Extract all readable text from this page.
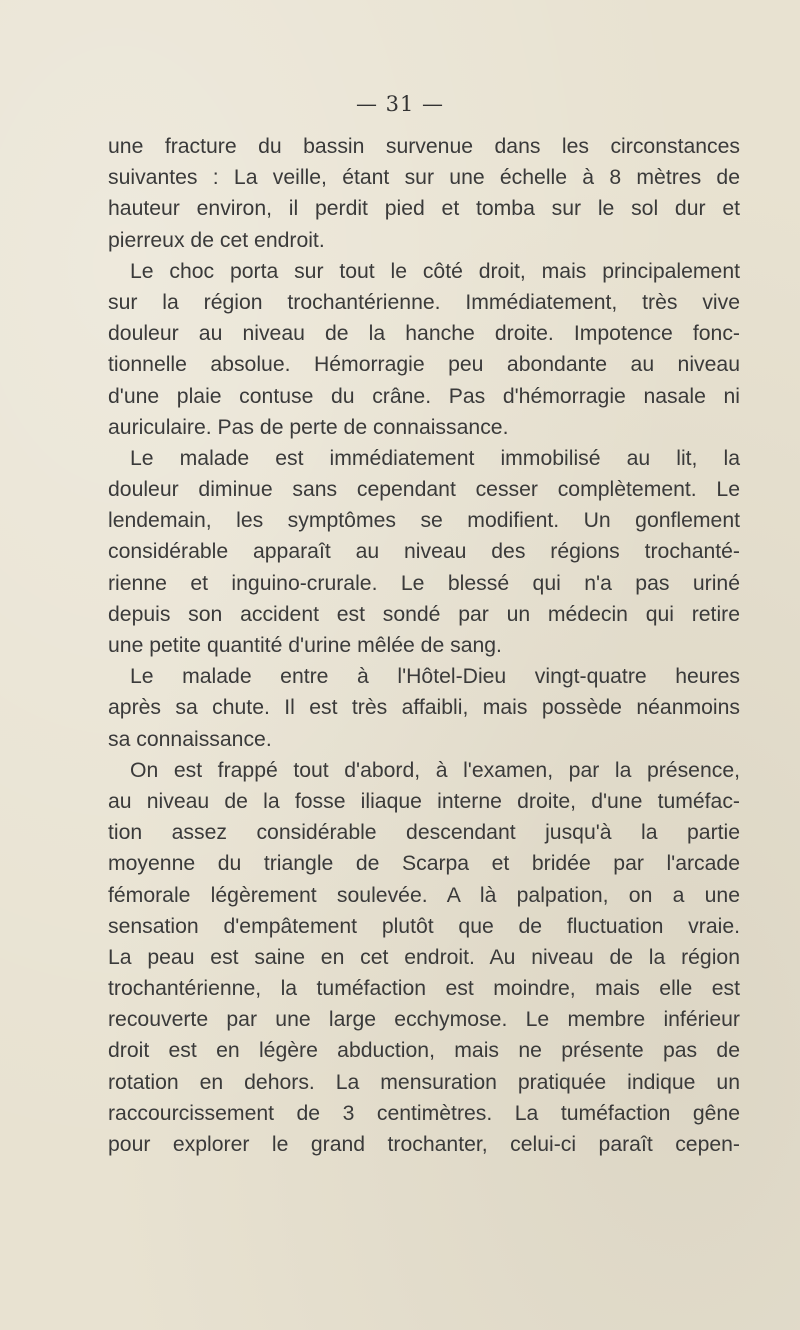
— 31 —
une fracture du bassin survenue dans les circonstances
suivantes : La veille, étant sur une échelle à 8 mètres de
hauteur environ, il perdit pied et tomba sur le sol dur et
pierreux de cet endroit.
Le choc porta sur tout le côté droit, mais principalement
sur la région trochantérienne. Immédiatement, très vive
douleur au niveau de la hanche droite. Impotence fonc-
tionnelle absolue. Hémorragie peu abondante au niveau
d'une plaie contuse du crâne. Pas d'hémorragie nasale ni
auriculaire. Pas de perte de connaissance.
Le malade est immédiatement immobilisé au lit, la
douleur diminue sans cependant cesser complètement. Le
lendemain, les symptômes se modifient. Un gonflement
considérable apparaît au niveau des régions trochanté-
rienne et inguino-crurale. Le blessé qui n'a pas uriné
depuis son accident est sondé par un médecin qui retire
une petite quantité d'urine mêlée de sang.
Le malade entre à l'Hôtel-Dieu vingt-quatre heures
après sa chute. Il est très affaibli, mais possède néanmoins
sa connaissance.
On est frappé tout d'abord, à l'examen, par la présence,
au niveau de la fosse iliaque interne droite, d'une tuméfac-
tion assez considérable descendant jusqu'à la partie
moyenne du triangle de Scarpa et bridée par l'arcade
fémorale légèrement soulevée. A là palpation, on a une
sensation d'empâtement plutôt que de fluctuation vraie.
La peau est saine en cet endroit. Au niveau de la région
trochantérienne, la tuméfaction est moindre, mais elle est
recouverte par une large ecchymose. Le membre inférieur
droit est en légère abduction, mais ne présente pas de
rotation en dehors. La mensuration pratiquée indique un
raccourcissement de 3 centimètres. La tuméfaction gêne
pour explorer le grand trochanter, celui-ci paraît cepen-
